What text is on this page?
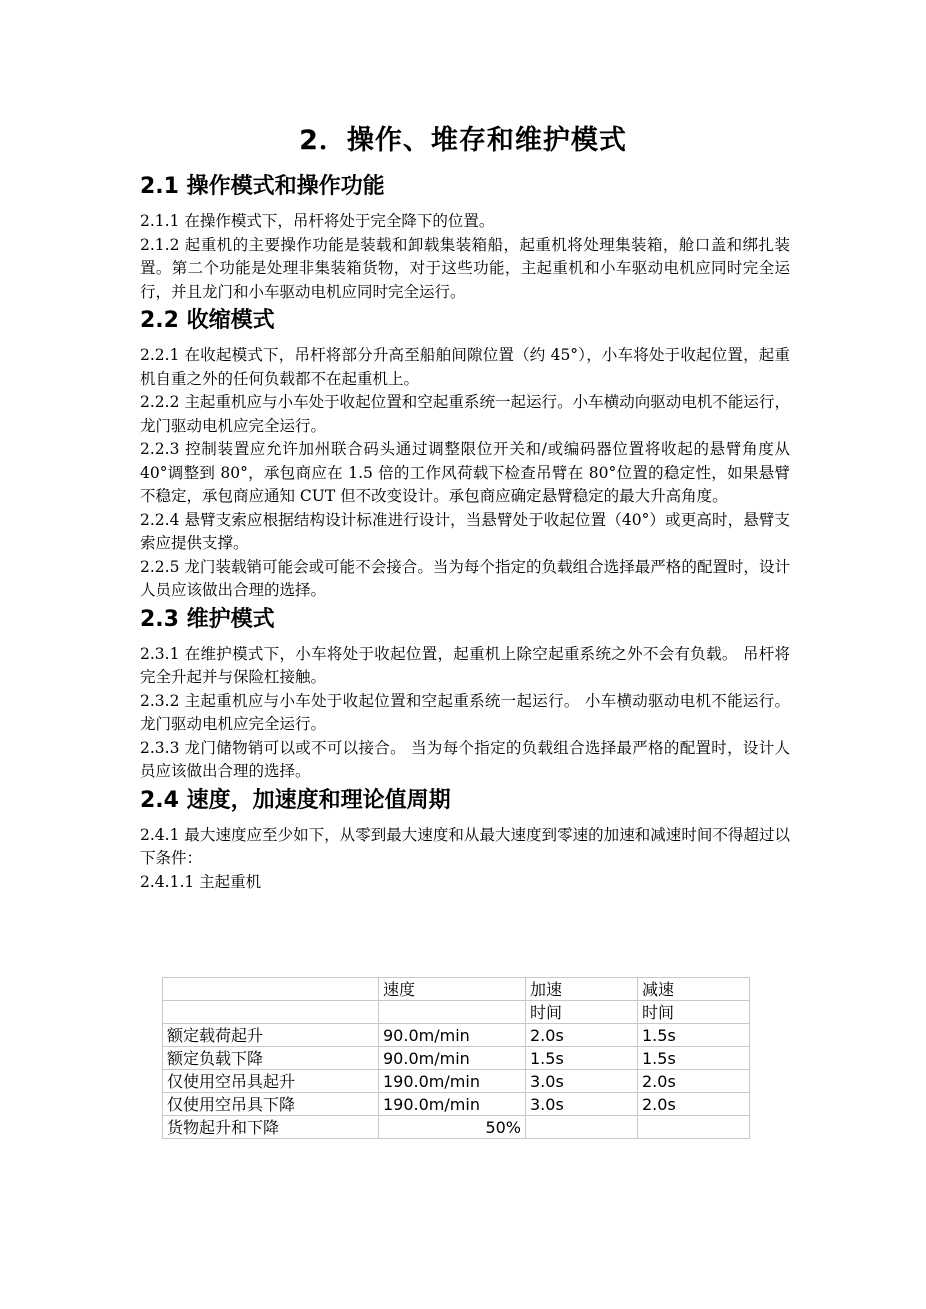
2．操作、堆存和维护模式
2.1 操作模式和操作功能

2.1.1 在操作模式下，吊杆将处于完全降下的位置。

2.1.2 起重机的主要操作功能是装载和卸载集装箱船，起重机将处理集装箱，舱口盖和绑扎装置。第二个功能是处理非集装箱货物，对于这些功能，主起重机和小车驱动电机应同时完全运行，并且龙门和小车驱动电机应同时完全运行。

2.2 收缩模式

2.2.1 在收起模式下，吊杆将部分升高至船舶间隙位置（约 45°），小车将处于收起位置，起重机自重之外的任何负载都不在起重机上。

2.2.2 主起重机应与小车处于收起位置和空起重系统一起运行。小车横动向驱动电机不能运行，龙门驱动电机应完全运行。

2.2.3 控制装置应允许加州联合码头通过调整限位开关和/或编码器位置将收起的悬臂角度从 40°调整到 80°，承包商应在 1.5 倍的工作风荷载下检查吊臂在 80°位置的稳定性，如果悬臂不稳定，承包商应通知 CUT 但不改变设计。承包商应确定悬臂稳定的最大升高角度。

2.2.4 悬臂支索应根据结构设计标准进行设计，当悬臂处于收起位置（40°）或更高时，悬臂支索应提供支撑。

2.2.5 龙门装载销可能会或可能不会接合。当为每个指定的负载组合选择最严格的配置时，设计人员应该做出合理的选择。

2.3 维护模式

2.3.1 在维护模式下，小车将处于收起位置，起重机上除空起重系统之外不会有负载。 吊杆将完全升起并与保险杠接触。

2.3.2 主起重机应与小车处于收起位置和空起重系统一起运行。 小车横动驱动电机不能运行。 龙门驱动电机应完全运行。

2.3.3 龙门储物销可以或不可以接合。 当为每个指定的负载组合选择最严格的配置时，设计人员应该做出合理的选择。

2.4 速度，加速度和理论值周期

2.4.1 最大速度应至少如下，从零到最大速度和从最大速度到零速的加速和减速时间不得超过以下条件：

2.4.1.1 主起重机

	速度	加速	减速
		时间	时间
额定载荷起升	90.0m/min	2.0s	1.5s
额定负载下降	90.0m/min	1.5s	1.5s
仅使用空吊具起升	190.0m/min	3.0s	2.0s
仅使用空吊具下降	190.0m/min	3.0s	2.0s
货物起升和下降	50%		
